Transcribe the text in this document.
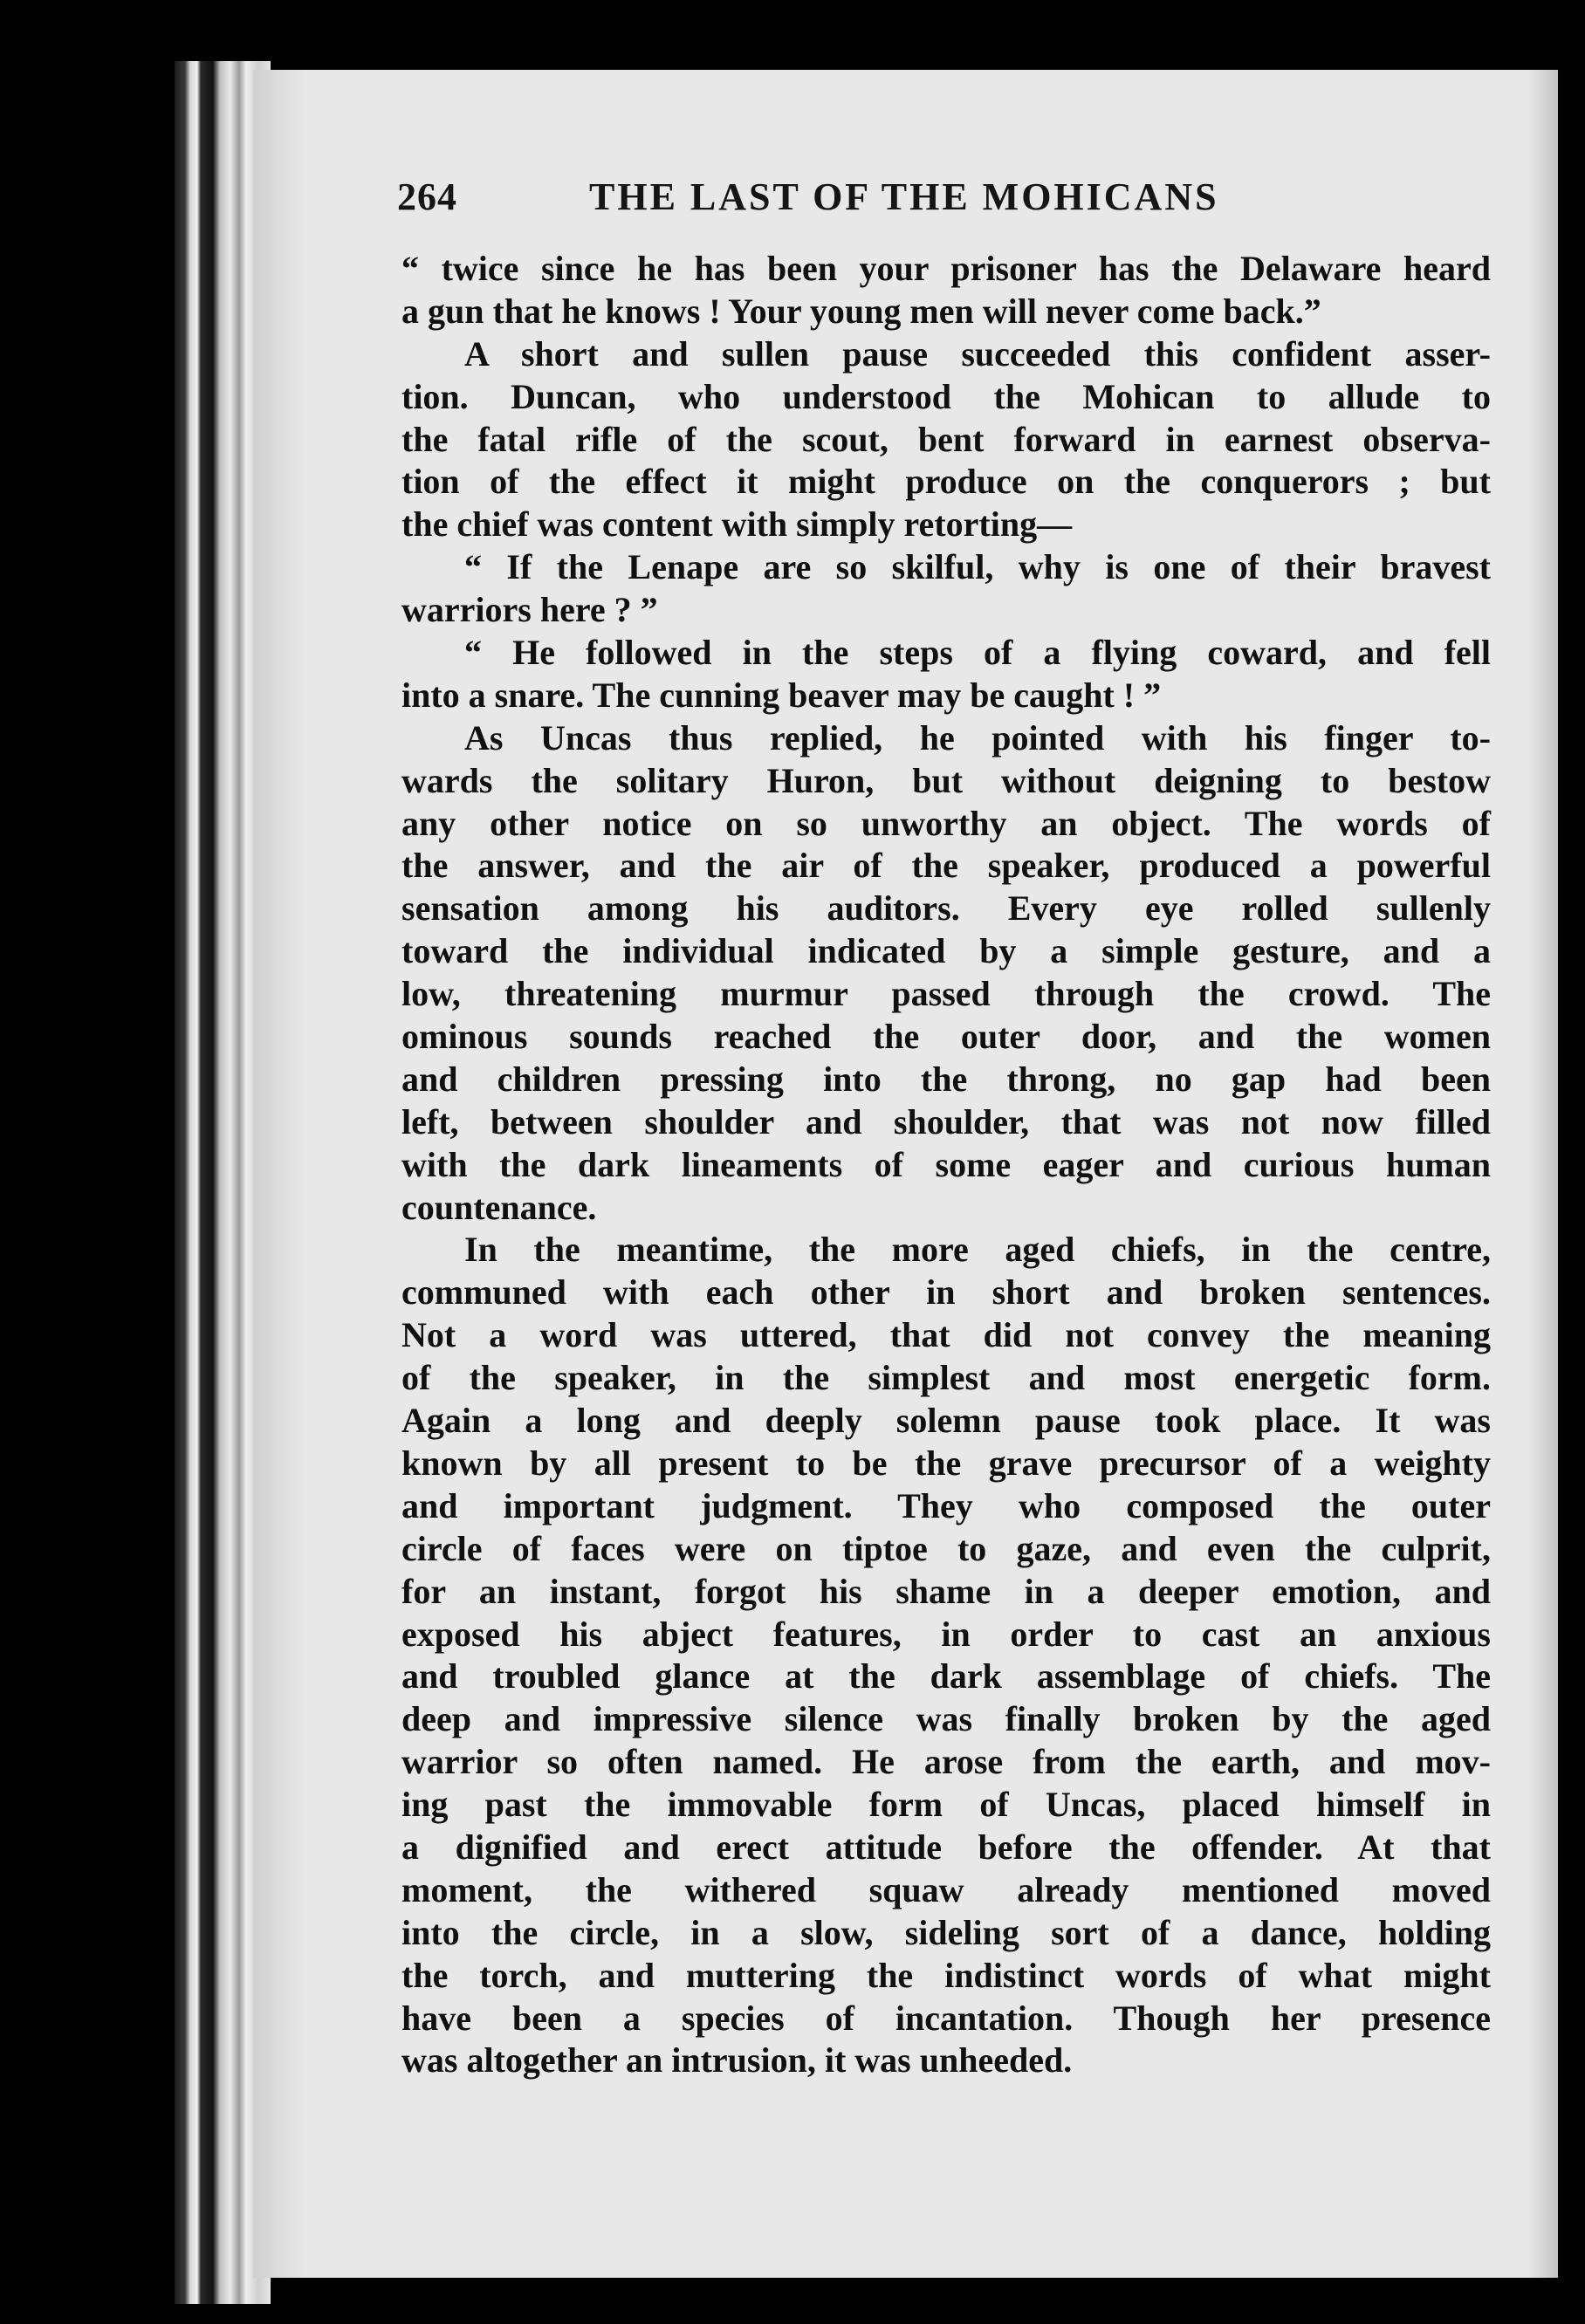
264	THE LAST OF THE MOHICANS
“ twice since he has been your prisoner has the Delaware heard
a gun that he knows ! Your young men will never come back.”
A short and sullen pause succeeded this confident asser-
tion. Duncan, who understood the Mohican to allude to
the fatal rifle of the scout, bent forward in earnest observa-
tion of the effect it might produce on the conquerors ; but
the chief was content with simply retorting—
“ If the Lenape are so skilful, why is one of their bravest
warriors here ? ”
“ He followed in the steps of a flying coward, and fell
into a snare. The cunning beaver may be caught ! ”
As Uncas thus replied, he pointed with his finger to-
wards the solitary Huron, but without deigning to bestow
any other notice on so unworthy an object. The words of
the answer, and the air of the speaker, produced a powerful
sensation among his auditors. Every eye rolled sullenly
toward the individual indicated by a simple gesture, and a
low, threatening murmur passed through the crowd. The
ominous sounds reached the outer door, and the women
and children pressing into the throng, no gap had been
left, between shoulder and shoulder, that was not now filled
with the dark lineaments of some eager and curious human
countenance.
In the meantime, the more aged chiefs, in the centre,
communed with each other in short and broken sentences.
Not a word was uttered, that did not convey the meaning
of the speaker, in the simplest and most energetic form.
Again a long and deeply solemn pause took place. It was
known by all present to be the grave precursor of a weighty
and important judgment. They who composed the outer
circle of faces were on tiptoe to gaze, and even the culprit,
for an instant, forgot his shame in a deeper emotion, and
exposed his abject features, in order to cast an anxious
and troubled glance at the dark assemblage of chiefs. The
deep and impressive silence was finally broken by the aged
warrior so often named. He arose from the earth, and mov-
ing past the immovable form of Uncas, placed himself in
a dignified and erect attitude before the offender. At that
moment, the withered squaw already mentioned moved
into the circle, in a slow, sideling sort of a dance, holding
the torch, and muttering the indistinct words of what might
have been a species of incantation. Though her presence
was altogether an intrusion, it was unheeded.
